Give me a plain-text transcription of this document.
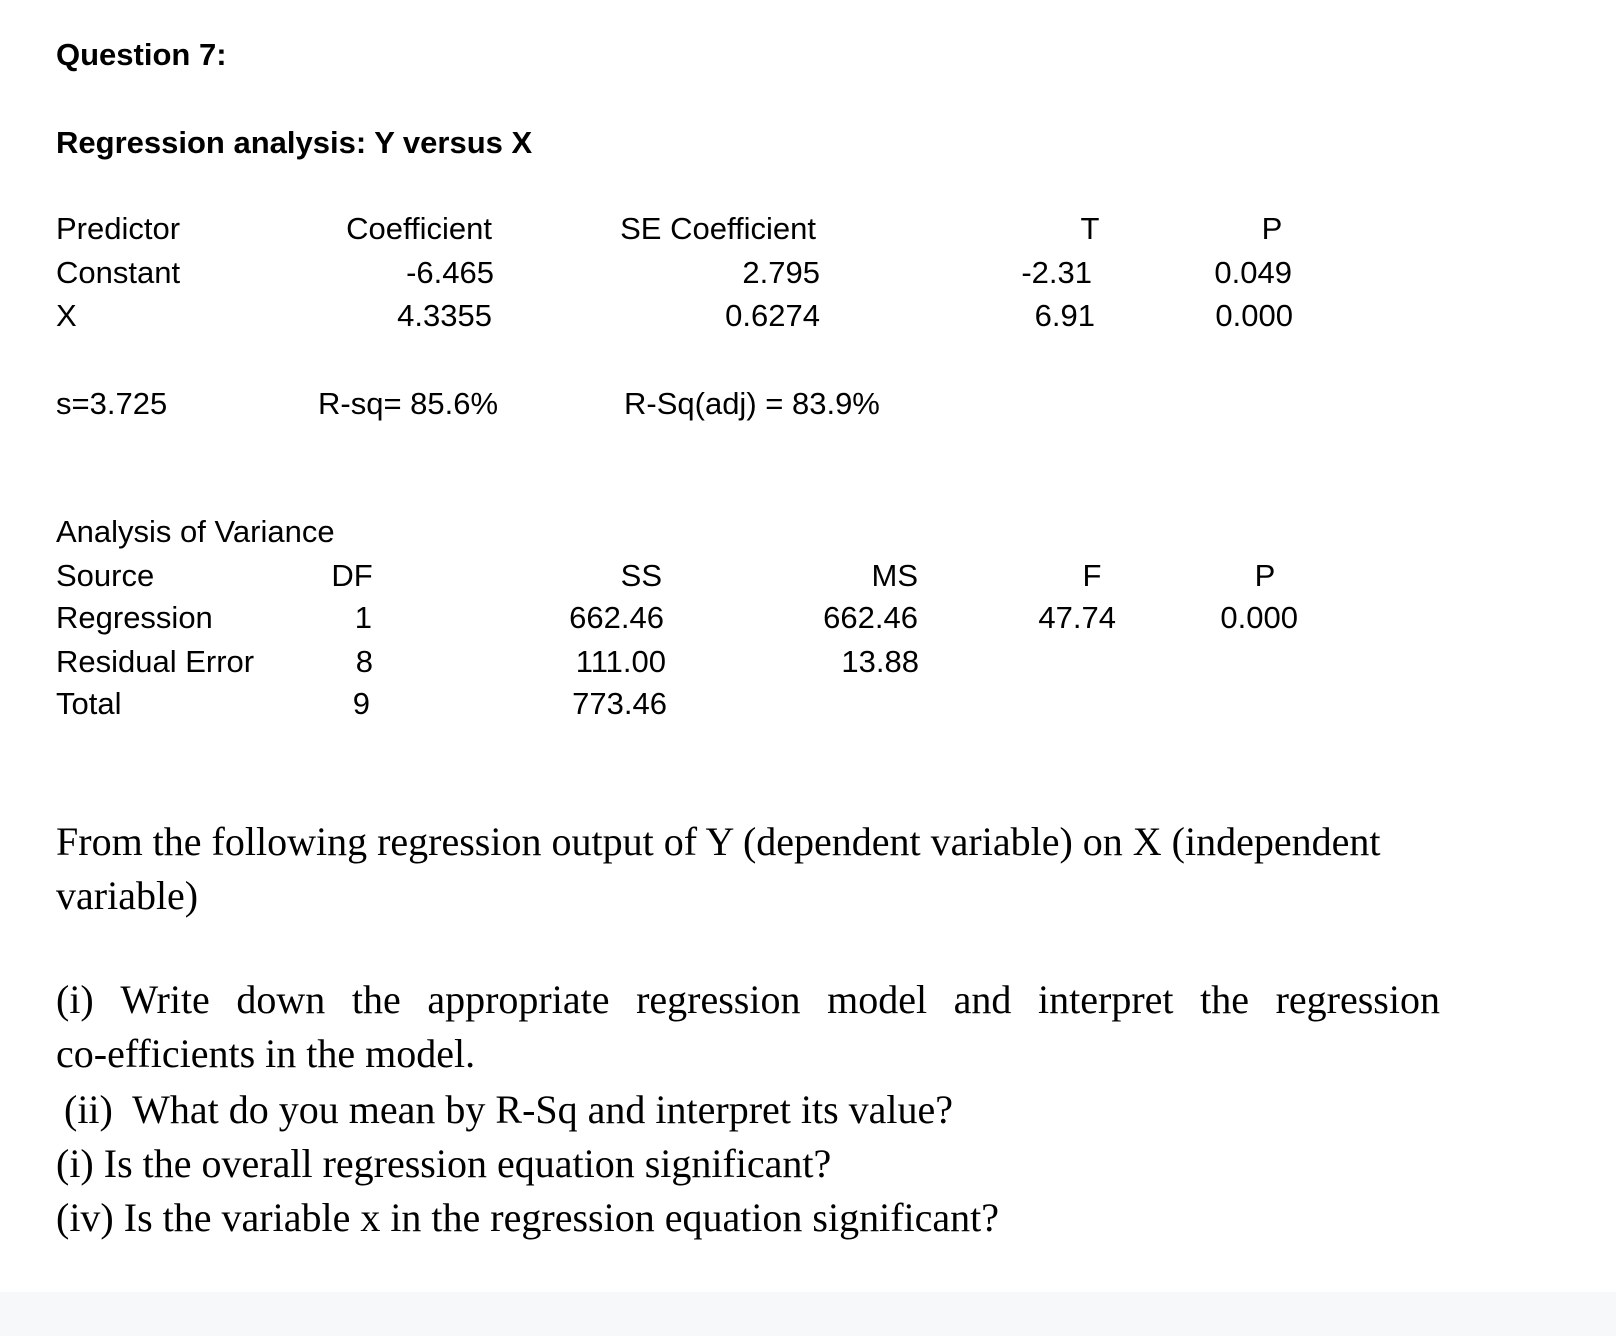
Question 7:
Regression analysis: Y versus X
Predictor	Coefficient	SE Coefficient	T	P
Constant	-6.465	2.795	-2.31	0.049
X	4.3355	0.6274	6.91	0.000
s=3.725	R-sq= 85.6%	R-Sq(adj) = 83.9%
Analysis of Variance
Source	DF	SS	MS	F	P
Regression	1	662.46	662.46	47.74	0.000
Residual Error	8	111.00	13.88
Total	9	773.46
From the following regression output of Y (dependent variable) on X (independent
variable)
(i) Write down the appropriate regression model and interpret the regression
co-efficients in the model.
(ii)  What do you mean by R-Sq and interpret its value?
(i) Is the overall regression equation significant?
(iv) Is the variable x in the regression equation significant?
